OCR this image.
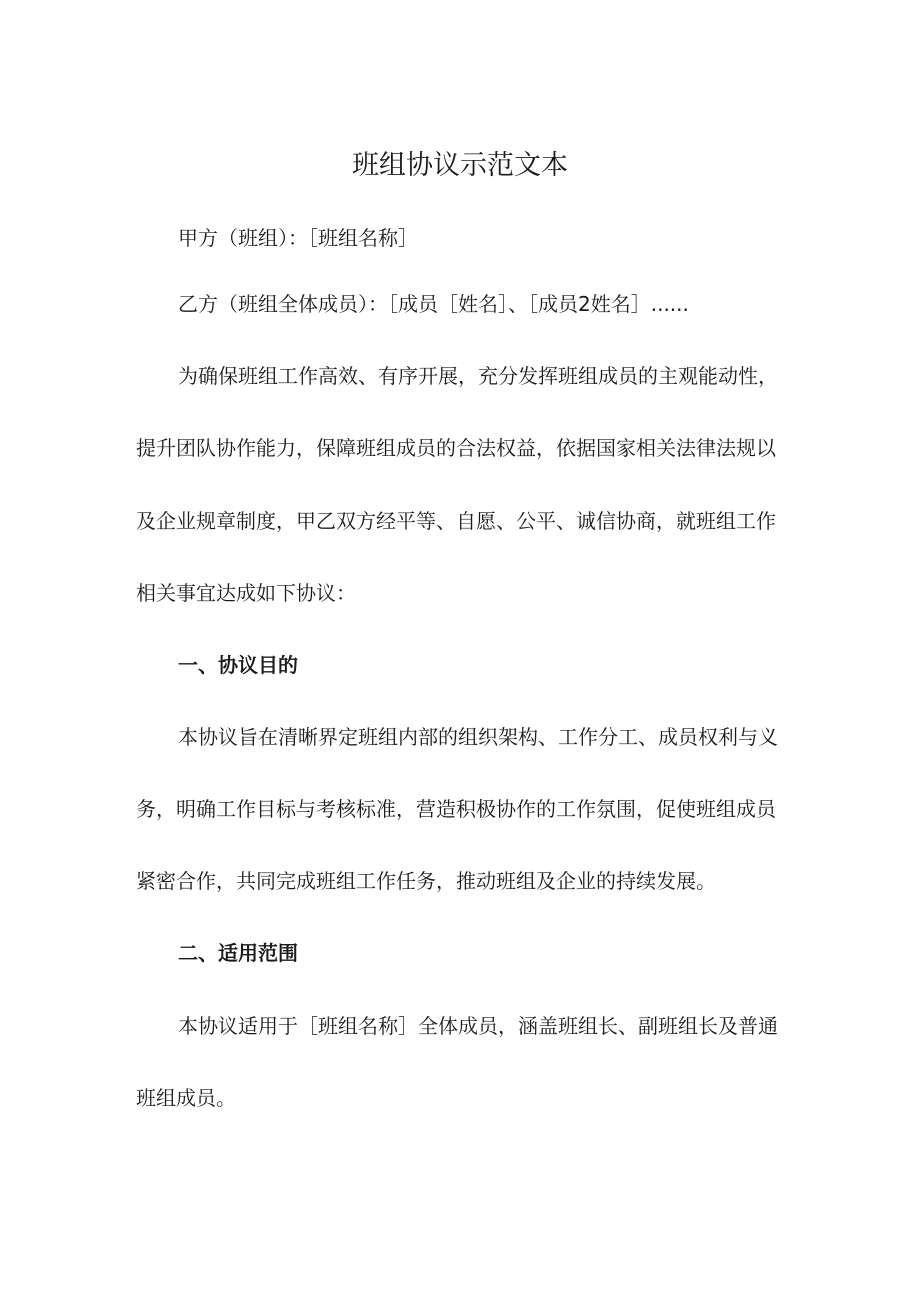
班组协议示范文本
甲方（班组）：［班组名称］
乙方（班组全体成员）：［成员［姓名］、［成员2姓名］......
为确保班组工作高效、有序开展，充分发挥班组成员的主观能动性，
提升团队协作能力，保障班组成员的合法权益，依据国家相关法律法规以
及企业规章制度，甲乙双方经平等、自愿、公平、诚信协商，就班组工作
相关事宜达成如下协议：
一、协议目的
本协议旨在清晰界定班组内部的组织架构、工作分工、成员权利与义
务，明确工作目标与考核标准，营造积极协作的工作氛围，促使班组成员
紧密合作，共同完成班组工作任务，推动班组及企业的持续发展。
二、适用范围
本协议适用于［班组名称］全体成员，涵盖班组长、副班组长及普通
班组成员。
